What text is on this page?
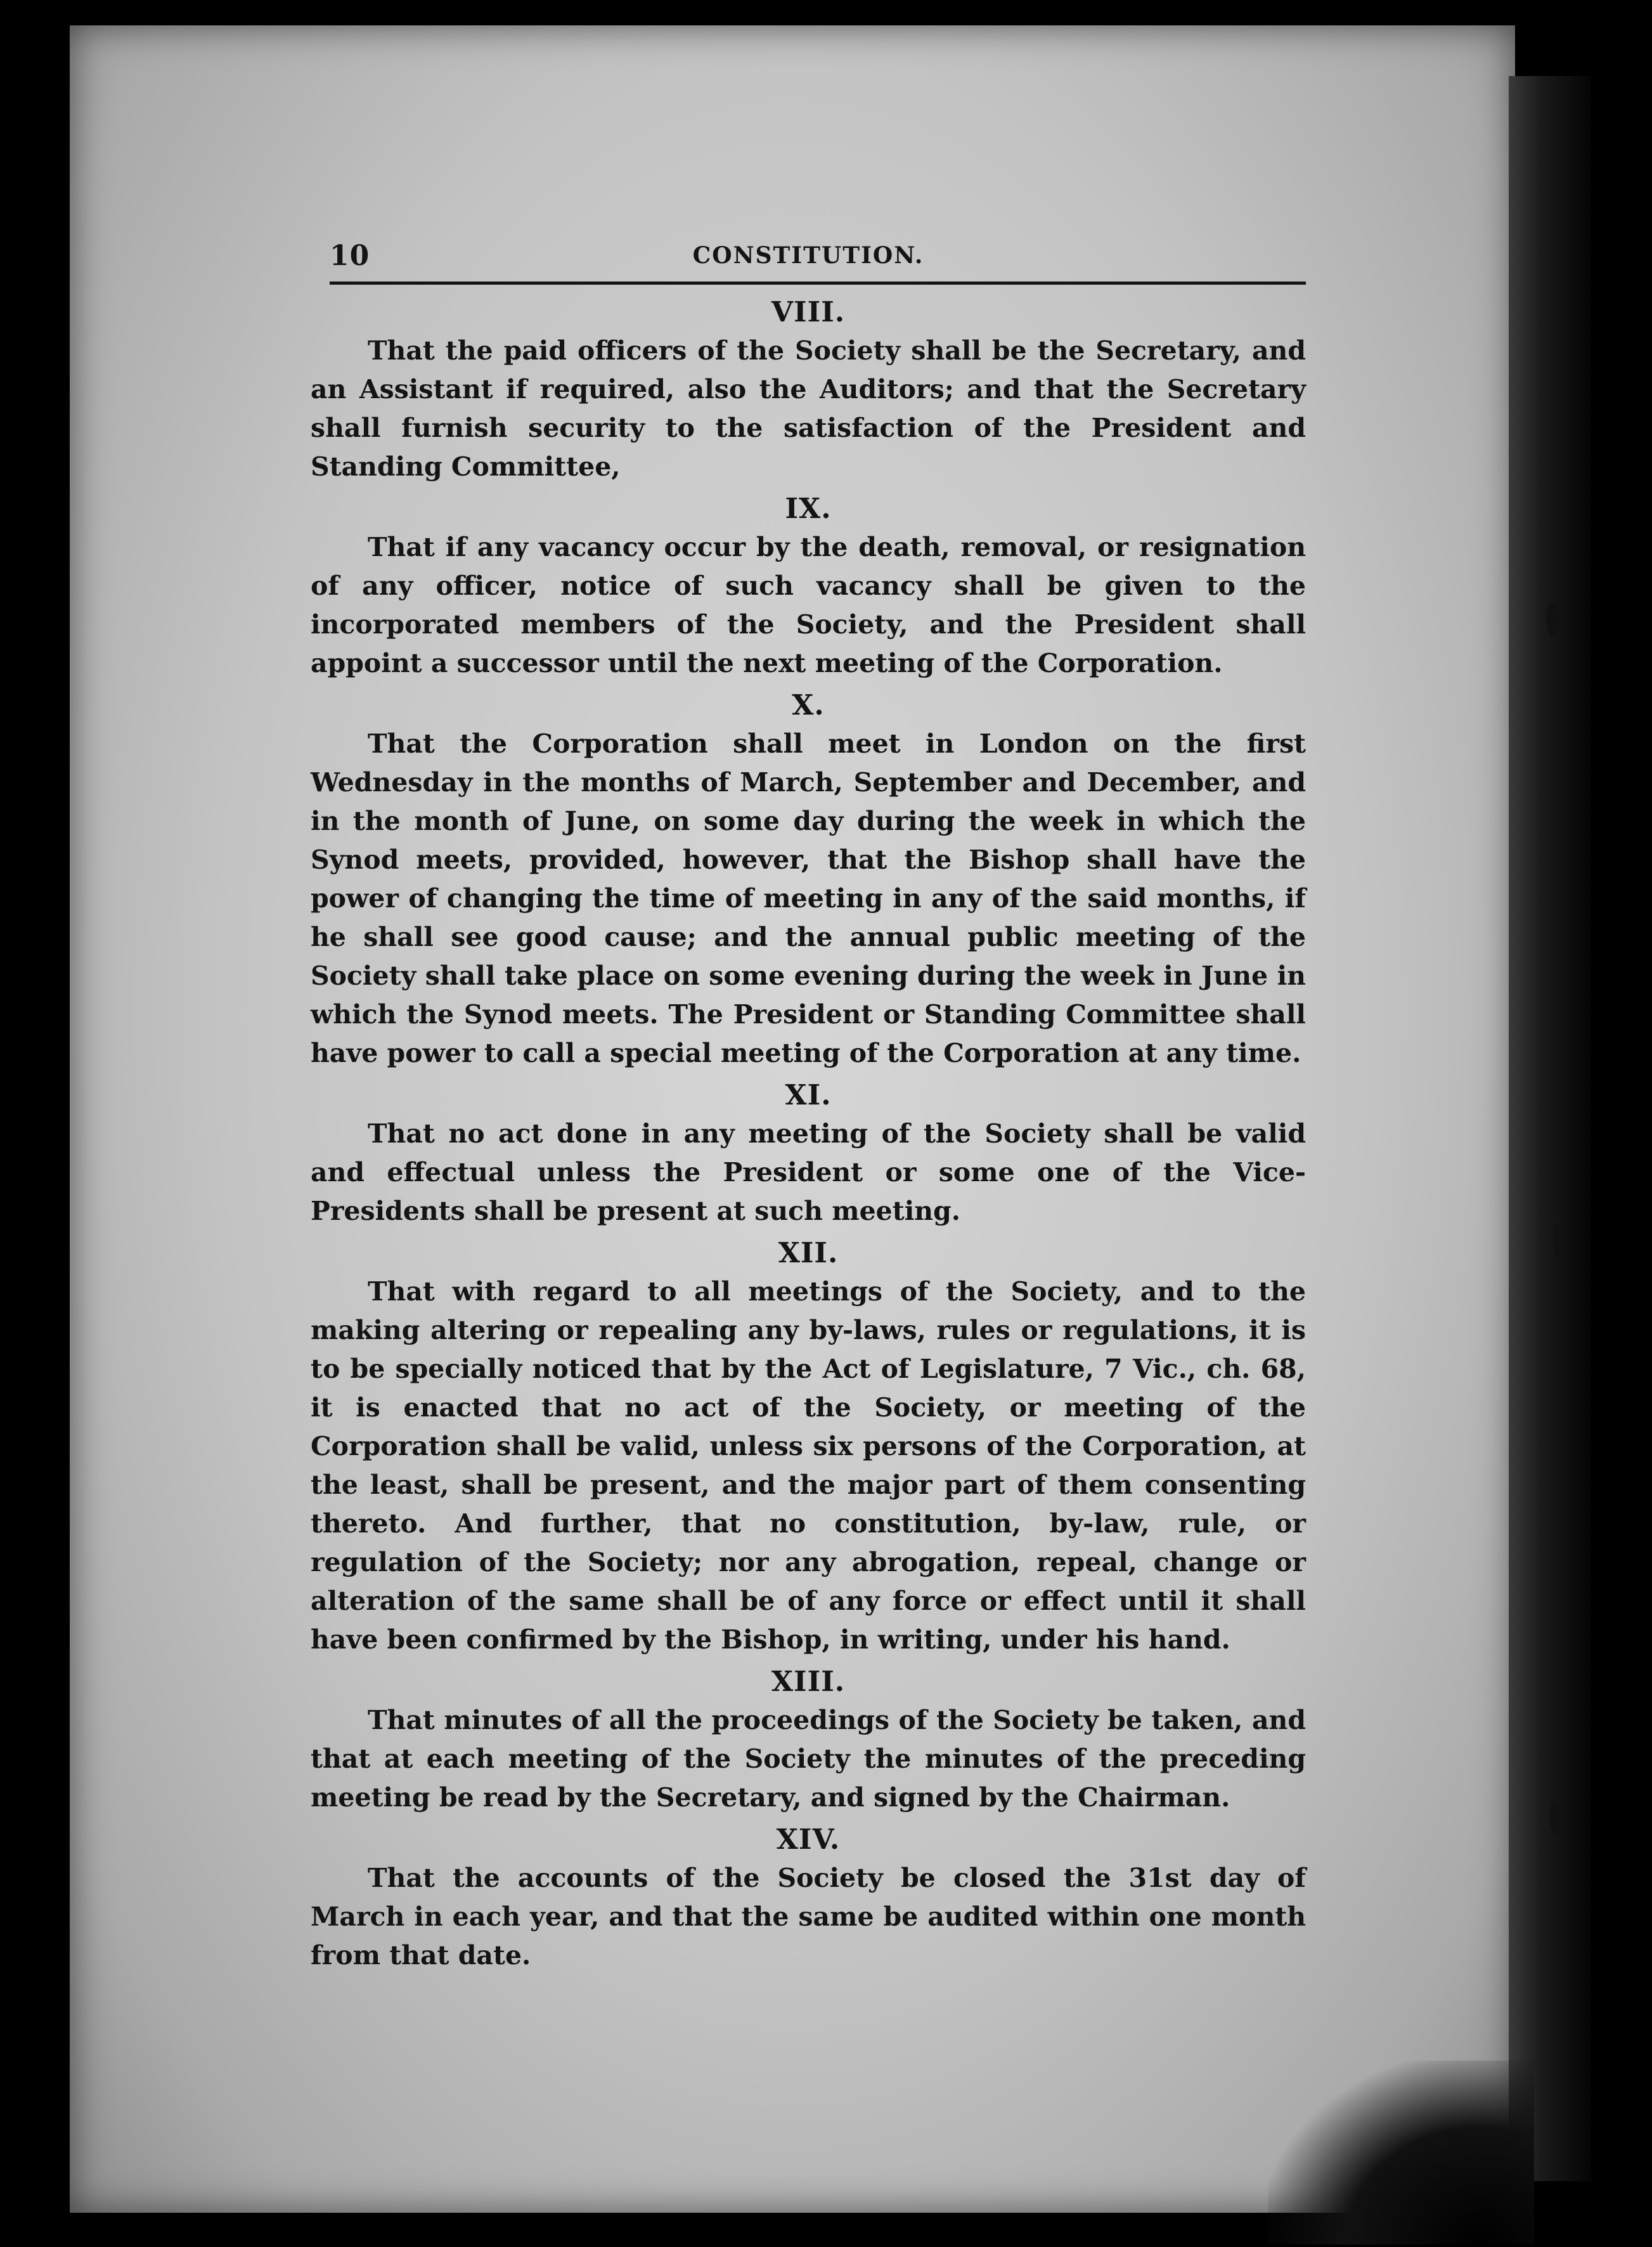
10	CONSTITUTION.
VIII.

That the paid officers of the Society shall be the Secretary, and an Assistant if required, also the Auditors; and that the Secretary shall furnish security to the satisfaction of the President and Standing Committee,

IX.

That if any vacancy occur by the death, removal, or resignation of any officer, notice of such vacancy shall be given to the incorporated members of the Society, and the President shall appoint a successor until the next meeting of the Corporation.

X.

That the Corporation shall meet in London on the first Wednesday in the months of March, September and December, and in the month of June, on some day during the week in which the Synod meets, provided, however, that the Bishop shall have the power of changing the time of meeting in any of the said months, if he shall see good cause; and the annual public meeting of the Society shall take place on some evening during the week in June in which the Synod meets. The President or Standing Committee shall have power to call a special meeting of the Corporation at any time.

XI.

That no act done in any meeting of the Society shall be valid and effectual unless the President or some one of the Vice-Presidents shall be present at such meeting.

XII.

That with regard to all meetings of the Society, and to the making altering or repealing any by-laws, rules or regulations, it is to be specially noticed that by the Act of Legislature, 7 Vic., ch. 68, it is enacted that no act of the Society, or meeting of the Corporation shall be valid, unless six persons of the Corporation, at the least, shall be present, and the major part of them consenting thereto. And further, that no constitution, by-law, rule, or regulation of the Society; nor any abrogation, repeal, change or alteration of the same shall be of any force or effect until it shall have been confirmed by the Bishop, in writing, under his hand.

XIII.

That minutes of all the proceedings of the Society be taken, and that at each meeting of the Society the minutes of the preceding meeting be read by the Secretary, and signed by the Chairman.

XIV.

That the accounts of the Society be closed the 31st day of March in each year, and that the same be audited within one month from that date.
